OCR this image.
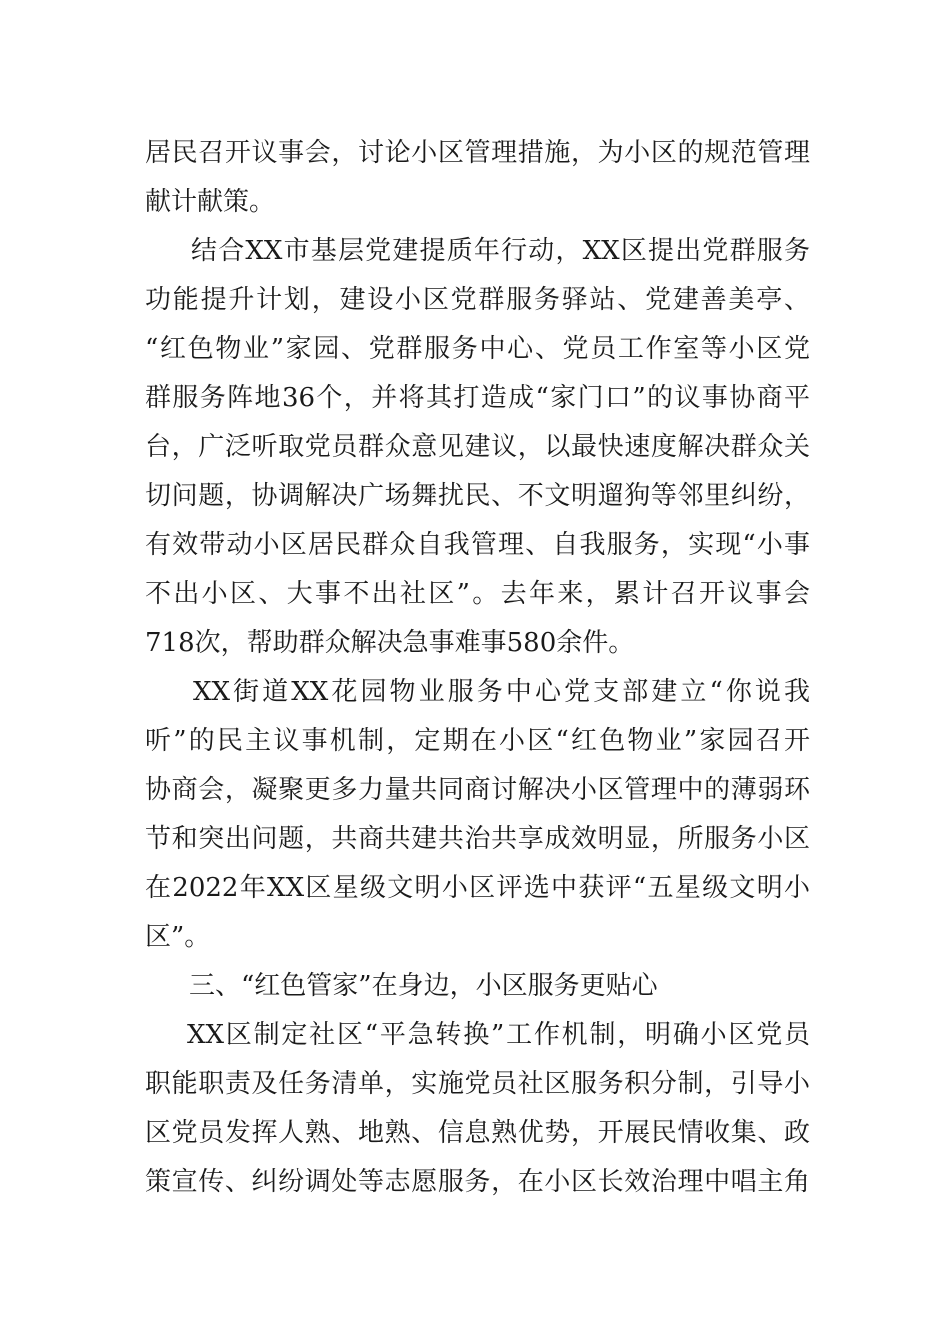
居民召开议事会，讨论小区管理措施，为小区的规范管理
献计献策。
结合XX市基层党建提质年行动，XX区提出党群服务
功能提升计划，建设小区党群服务驿站、党建善美亭、
“红色物业”家园、党群服务中心、党员工作室等小区党
群服务阵地36个，并将其打造成“家门口”的议事协商平
台，广泛听取党员群众意见建议，以最快速度解决群众关
切问题，协调解决广场舞扰民、不文明遛狗等邻里纠纷，
有效带动小区居民群众自我管理、自我服务，实现“小事
不出小区、大事不出社区”。去年来，累计召开议事会
718次，帮助群众解决急事难事580余件。
XX街道XX花园物业服务中心党支部建立“你说我
听”的民主议事机制，定期在小区“红色物业”家园召开
协商会，凝聚更多力量共同商讨解决小区管理中的薄弱环
节和突出问题，共商共建共治共享成效明显，所服务小区
在2022年XX区星级文明小区评选中获评“五星级文明小
区”。
三、“红色管家”在身边，小区服务更贴心
XX区制定社区“平急转换”工作机制，明确小区党员
职能职责及任务清单，实施党员社区服务积分制，引导小
区党员发挥人熟、地熟、信息熟优势，开展民情收集、政
策宣传、纠纷调处等志愿服务，在小区长效治理中唱主角
